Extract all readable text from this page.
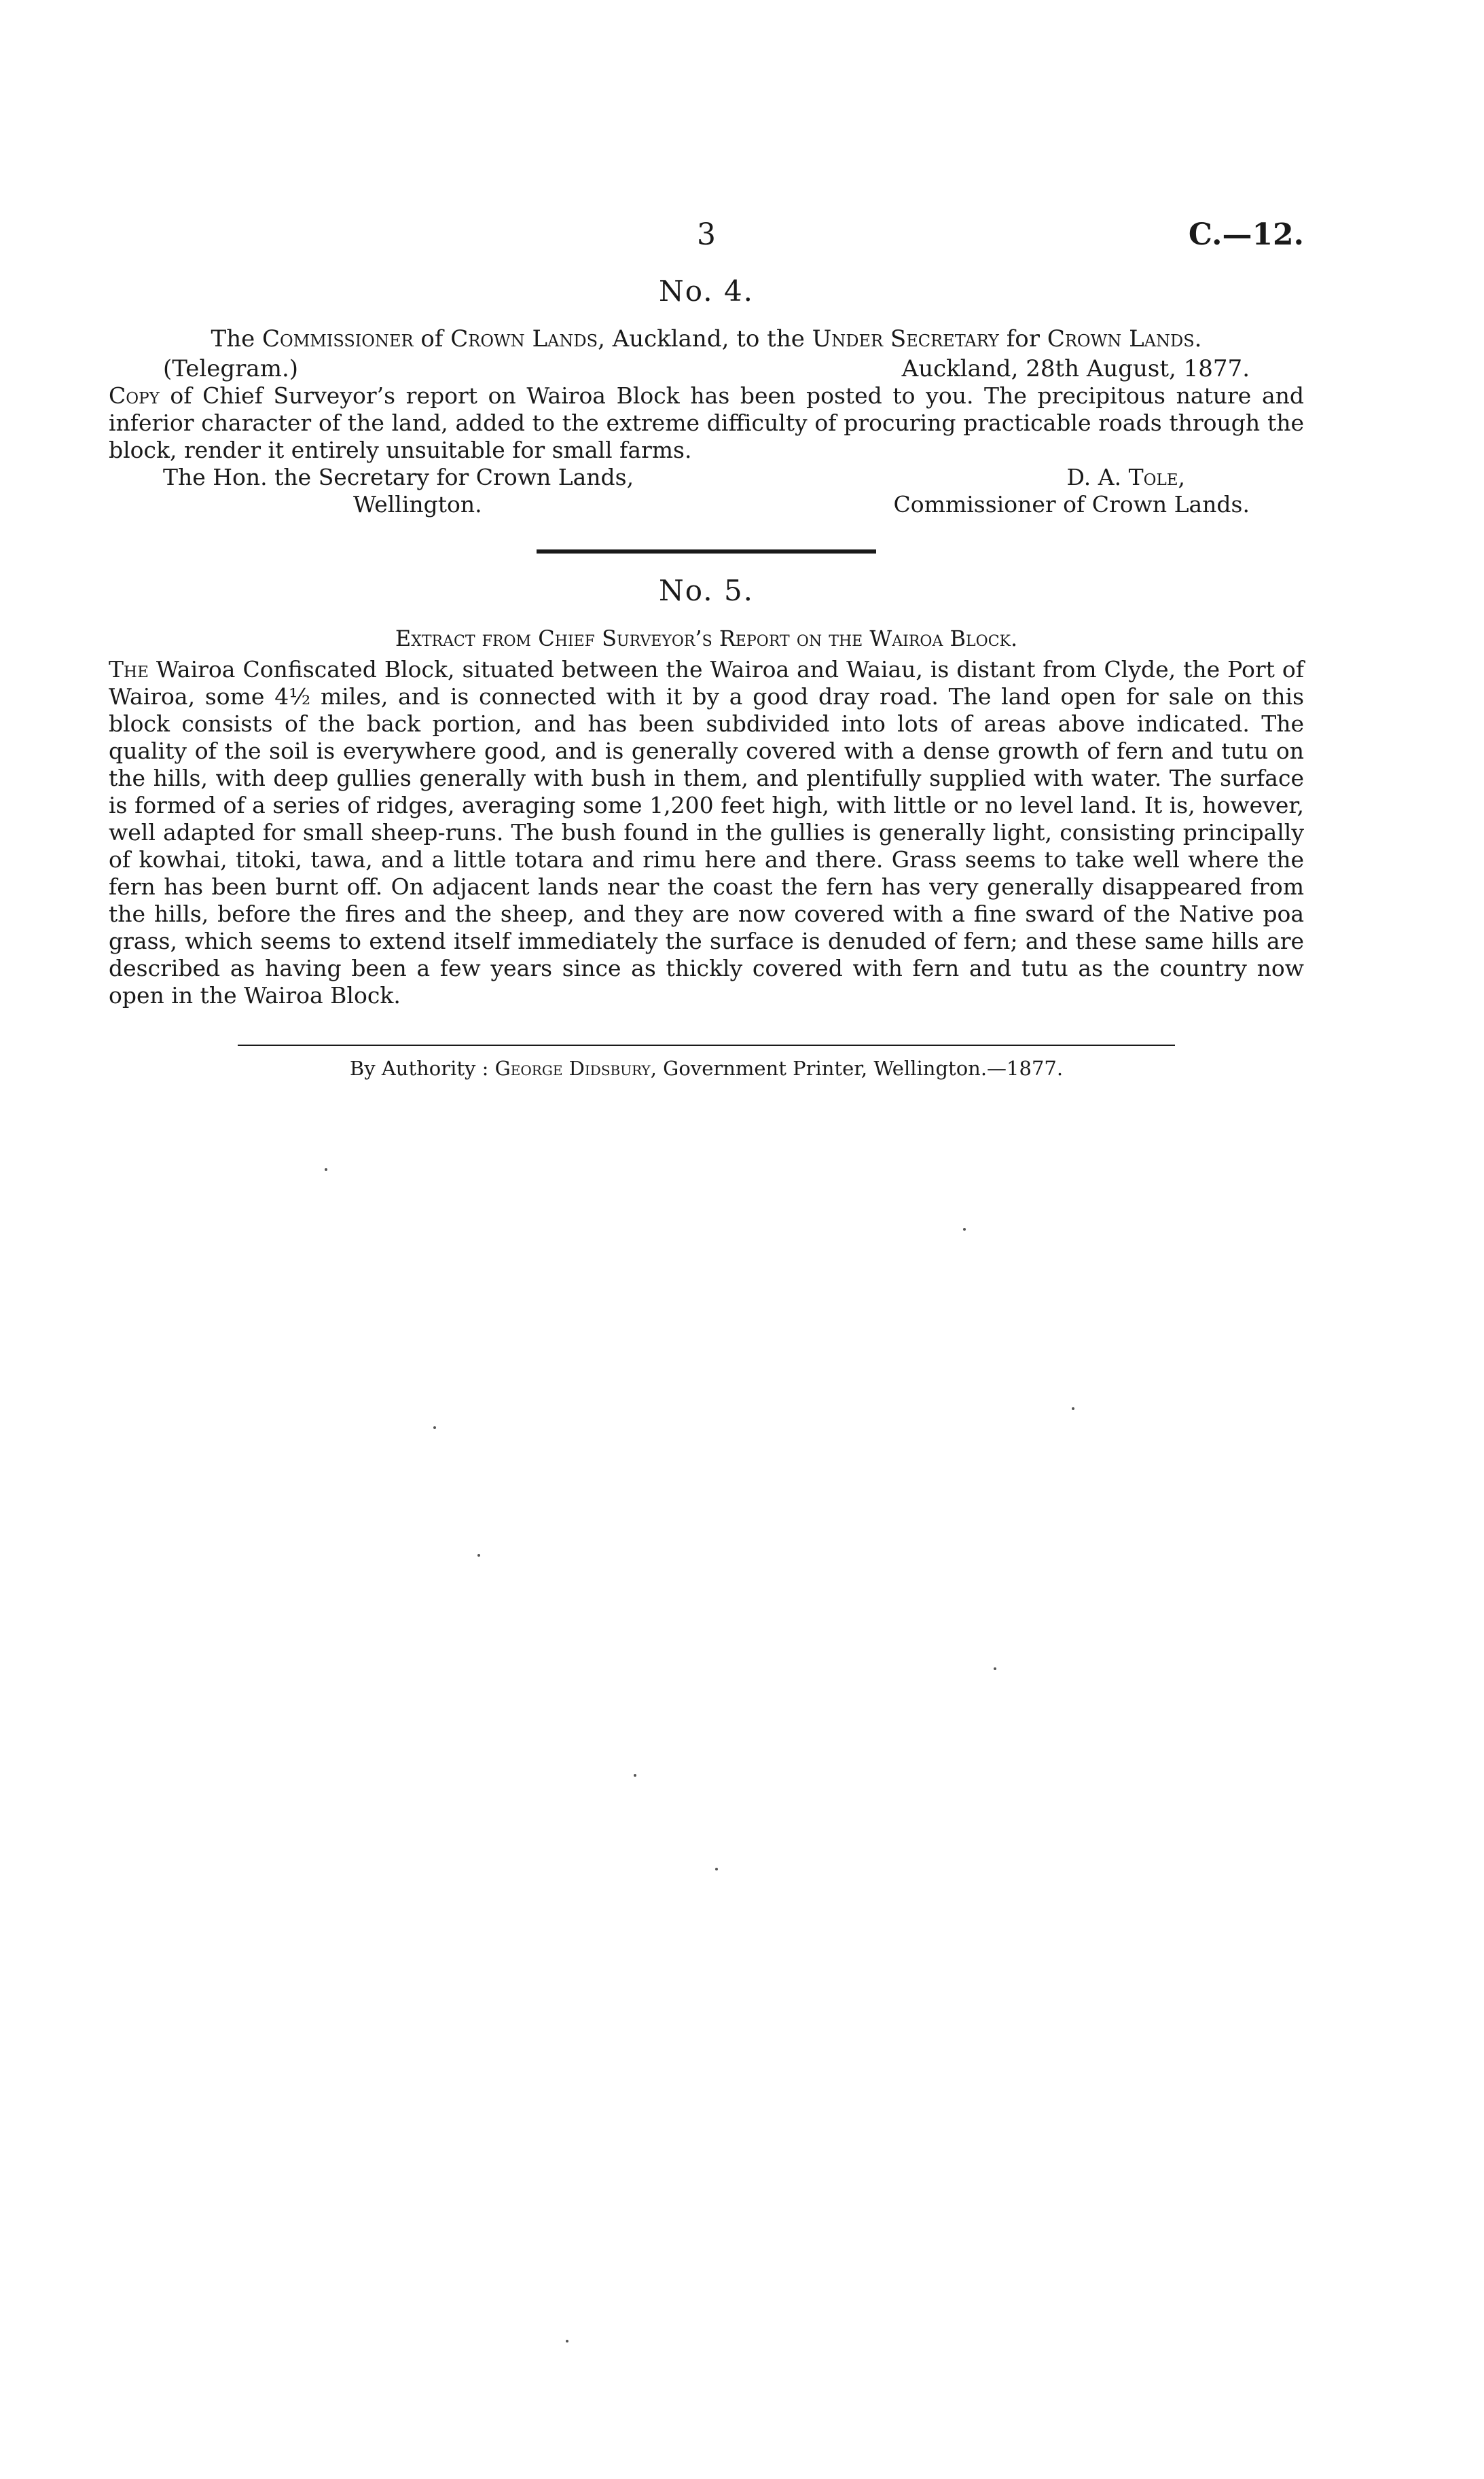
3	C.—12.
No. 4.
The Commissioner of Crown Lands, Auckland, to the Under Secretary for Crown Lands.
(Telegram.)	Auckland, 28th August, 1877.
Copy of Chief Surveyor’s report on Wairoa Block has been posted to you. The precipitous nature and inferior character of the land, added to the extreme difficulty of procuring practicable roads through the block, render it entirely unsuitable for small farms.
The Hon. the Secretary for Crown Lands,
Wellington.
D. A. Tole,
Commissioner of Crown Lands.
No. 5.
Extract from Chief Surveyor’s Report on the Wairoa Block.
The Wairoa Confiscated Block, situated between the Wairoa and Waiau, is distant from Clyde, the Port of Wairoa, some 4½ miles, and is connected with it by a good dray road. The land open for sale on this block consists of the back portion, and has been subdivided into lots of areas above indicated. The quality of the soil is everywhere good, and is generally covered with a dense growth of fern and tutu on the hills, with deep gullies generally with bush in them, and plentifully supplied with water. The surface is formed of a series of ridges, averaging some 1,200 feet high, with little or no level land. It is, however, well adapted for small sheep-runs. The bush found in the gullies is generally light, consisting principally of kowhai, titoki, tawa, and a little totara and rimu here and there. Grass seems to take well where the fern has been burnt off. On adjacent lands near the coast the fern has very generally disappeared from the hills, before the fires and the sheep, and they are now covered with a fine sward of the Native poa grass, which seems to extend itself immediately the surface is denuded of fern; and these same hills are described as having been a few years since as thickly covered with fern and tutu as the country now open in the Wairoa Block.
By Authority : George Didsbury, Government Printer, Wellington.—1877.
